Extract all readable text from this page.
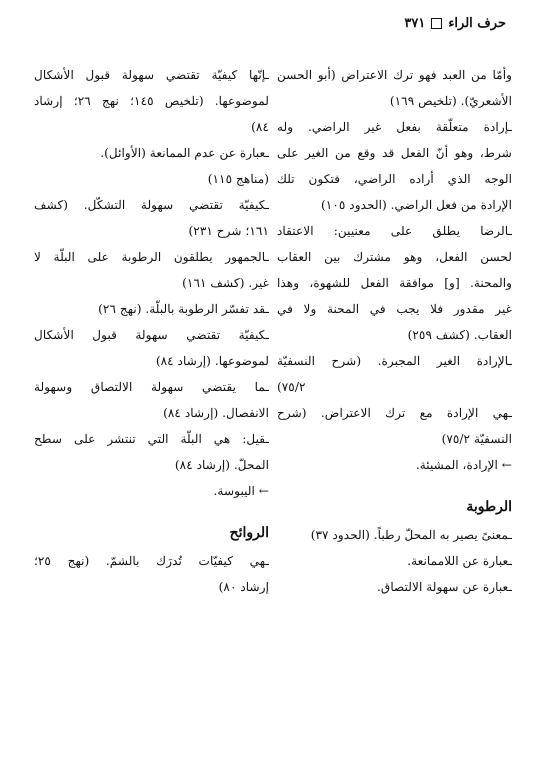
حرف الراء
٣٧١
وأمّا من العبد فهو ترك الاعتراض (أبو الحسن
الأشعريّ). (تلخيص ١٦٩)
ـإرادة متعلّقة بفعل غير الراضي. وله
شرط، وهو أنّ الفعل قد وقع من الغير على
الوجه الذي أراده الراضي، فتكون تلك
الإرادة من فعل الراضي. (الحدود ١٠٥)
ـالرضا يطلق على معنيين: الاعتقاد
لحسن الفعل، وهو مشترك بين العقاب
والمحنة. [و] موافقة الفعل للشهوة، وهذا
غير مقدور فلا يجب في المحنة ولا في
العقاب. (كشف ٢٥٩)
ـالإرادة الغير المجبرة. (شرح النسفيّة
٧٥/٢)
ـهي الإرادة مع ترك الاعتراض. (شرح
النسفيّة ٧٥/٢)
← الإرادة، المشيئة.
الرطوبة
ـمعنىً يصير به المحلّ رطباً. (الحدود ٣٧)
ـعبارة عن اللاممانعة.
ـعبارة عن سهولة الالتصاق.
ـإنّها كيفيّة تقتضي سهولة قبول الأشكال
لموضوعها. (تلخيص ١٤٥؛ نهج ٢٦؛ إرشاد
٨٤)
ـعبارة عن عدم الممانعة (الأوائل).
(مناهج ١١٥)
ـكيفيّة تقتضي سهولة التشكّل. (كشف
١٦١؛ شرح ٢٣١)
ـالجمهور يطلقون الرطوبة على البلّة لا
غير. (كشف ١٦١)
ـقد تفسّر الرطوبة بالبلّة. (نهج ٢٦)
ـكيفيّة تقتضي سهولة قبول الأشكال
لموضوعها. (إرشاد ٨٤)
ـما يقتضي سهولة الالتصاق وسهولة
الانفصال. (إرشاد ٨٤)
ـقيل: هي البلّة التي تنتشر على سطح
المحلّ. (إرشاد ٨٤)
← اليبوسة.
الروائح
ـهي كيفيّات تُدرَك بالشمّ. (نهج ٢٥؛
إرشاد ٨٠)
